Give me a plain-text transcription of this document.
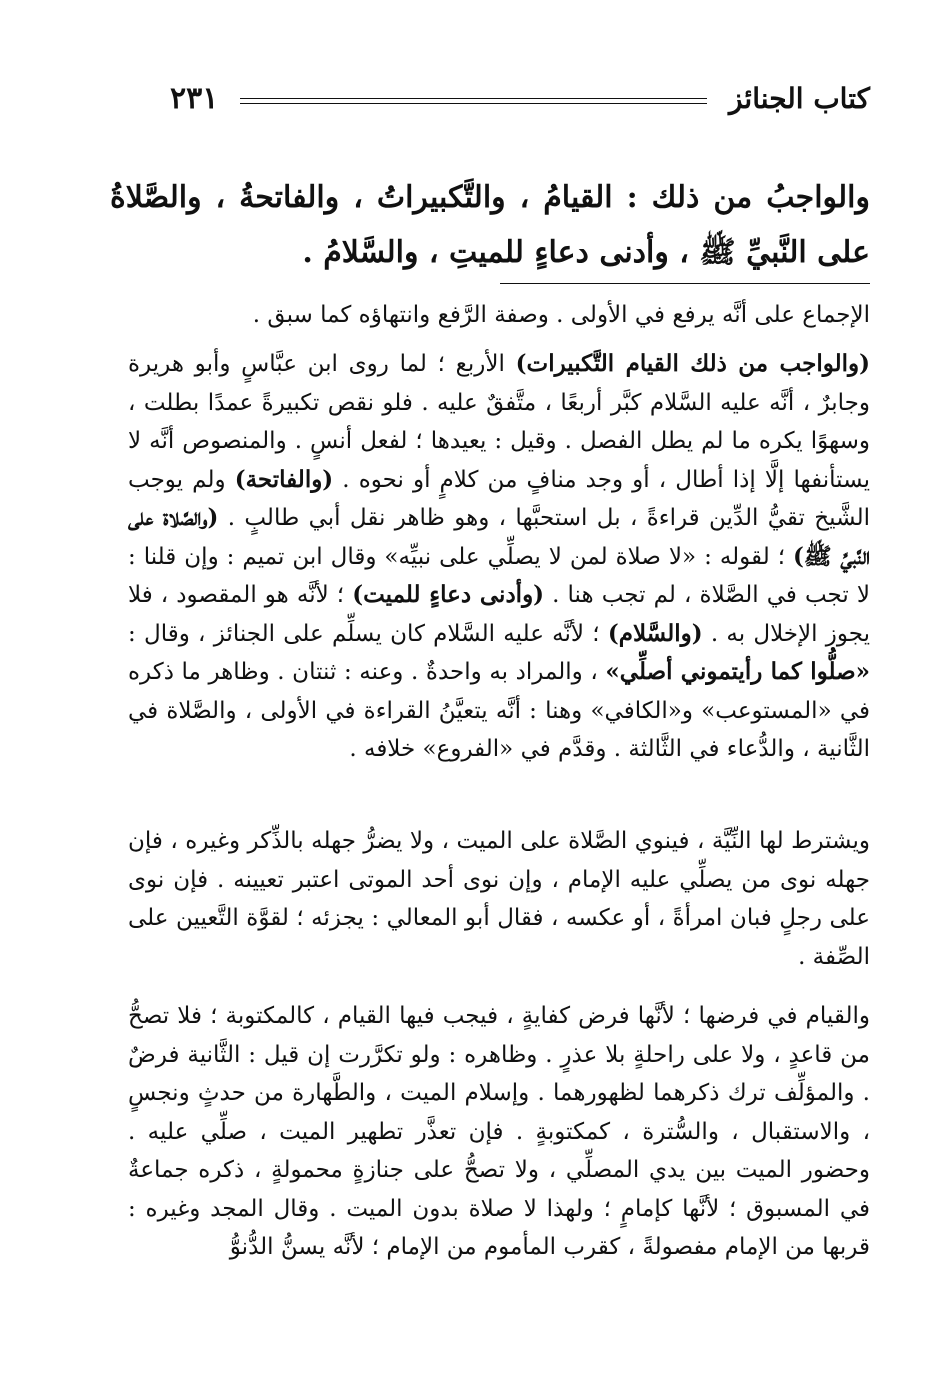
كتاب الجنائز
٢٣١
والواجبُ من ذلك : القيامُ ، والتَّكبيراتُ ، والفاتحةُ ، والصَّلاةُ على النَّبيِّ ﷺ ، وأدنى دعاءٍ للميتِ ، والسَّلامُ .

الإجماع على أنَّه يرفع في الأولى . وصفة الرَّفع وانتهاؤه كما سبق .

(والواجب من ذلك القيام التَّكبيرات) الأربع ؛ لما روى ابن عبَّاسٍ وأبو هريرة وجابرٌ ، أنَّه عليه السَّلام كبَّر أربعًا ، متَّفقٌ عليه . فلو نقص تكبيرةً عمدًا بطلت ، وسهوًا يكره ما لم يطل الفصل . وقيل : يعيدها ؛ لفعل أنسٍ . والمنصوص أنَّه لا يستأنفها إلَّا إذا أطال ، أو وجد منافٍ من كلامٍ أو نحوه . (والفاتحة) ولم يوجب الشَّيخ تقيُّ الدِّين قراءةً ، بل استحبَّها ، وهو ظاهر نقل أبي طالبٍ . (والصَّلاة على النَّبيِّ ﷺ) ؛ لقوله : «لا صلاة لمن لا يصلِّي على نبيِّه» وقال ابن تميم : وإن قلنا : لا تجب في الصَّلاة ، لم تجب هنا . (وأدنى دعاءٍ للميت) ؛ لأنَّه هو المقصود ، فلا يجوز الإخلال به . (والسَّلام) ؛ لأنَّه عليه السَّلام كان يسلِّم على الجنائز ، وقال : «صلُّوا كما رأيتموني أصلِّي» ، والمراد به واحدةٌ . وعنه : ثنتان . وظاهر ما ذكره في «المستوعب» و«الكافي» وهنا : أنَّه يتعيَّنُ القراءة في الأولى ، والصَّلاة في الثَّانية ، والدُّعاء في الثَّالثة . وقدَّم في «الفروع» خلافه .

ويشترط لها النِّيَّة ، فينوي الصَّلاة على الميت ، ولا يضرُّ جهله بالذِّكر وغيره ، فإن جهله نوى من يصلِّي عليه الإمام ، وإن نوى أحد الموتى اعتبر تعيينه . فإن نوى على رجلٍ فبان امرأةً ، أو عكسه ، فقال أبو المعالي : يجزئه ؛ لقوَّة التَّعيين على الصِّفة .

والقيام في فرضها ؛ لأنَّها فرض كفايةٍ ، فيجب فيها القيام ، كالمكتوبة ؛ فلا تصحُّ من قاعدٍ ، ولا على راحلةٍ بلا عذرٍ . وظاهره : ولو تكرَّرت إن قيل : الثَّانية فرضٌ . والمؤلِّف ترك ذكرهما لظهورهما . وإسلام الميت ، والطَّهارة من حدثٍ ونجسٍ ، والاستقبال ، والسُّترة ، كمكتوبةٍ . فإن تعذَّر تطهير الميت ، صلِّي عليه . وحضور الميت بين يدي المصلِّي ، ولا تصحُّ على جنازةٍ محمولةٍ ، ذكره جماعةٌ في المسبوق ؛ لأنَّها كإمامٍ ؛ ولهذا لا صلاة بدون الميت . وقال المجد وغيره : قربها من الإمام مفصولةً ، كقرب المأموم من الإمام ؛ لأنَّه يسنُّ الدُّنوُّ
